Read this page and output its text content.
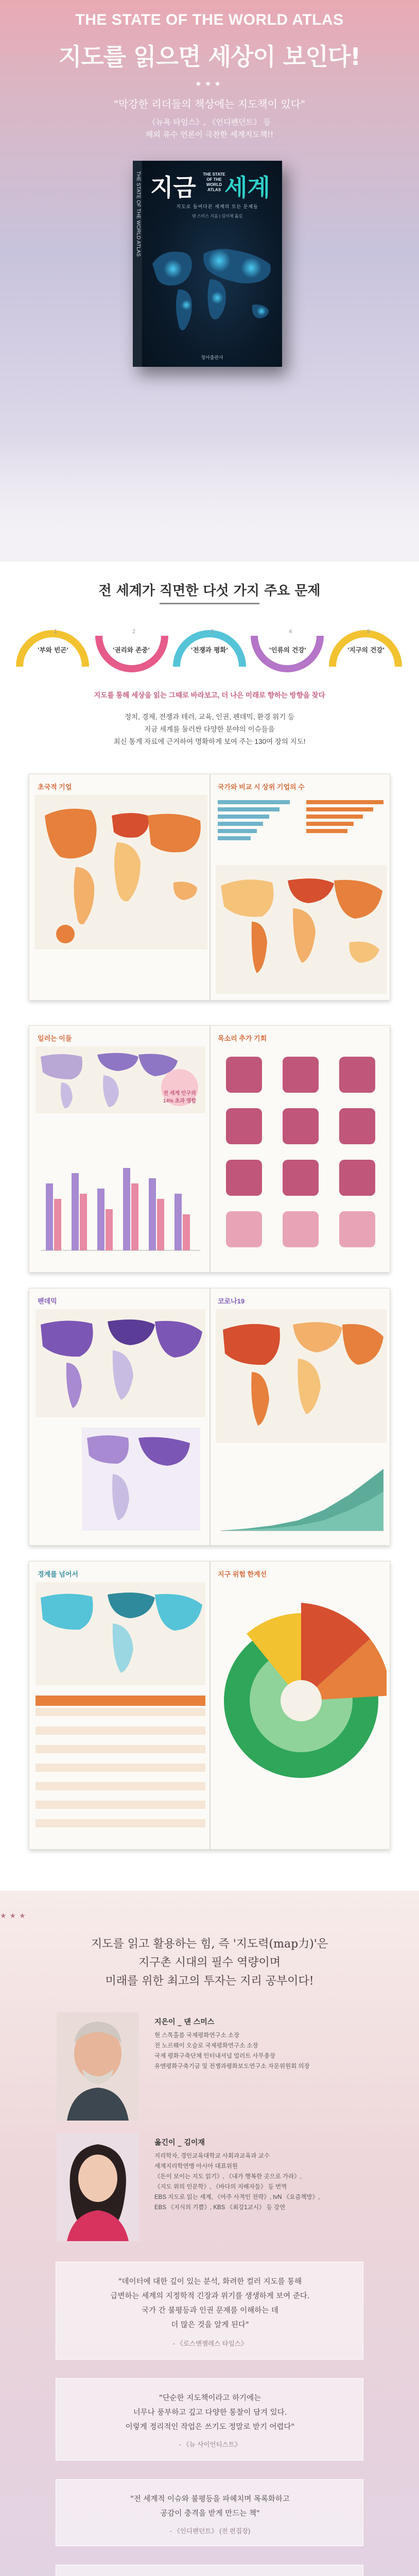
THE STATE OF THE WORLD ATLAS
지도를 읽으면 세상이 보인다!
★★★
"막강한 리더들의 책상에는 지도책이 있다"
《뉴욕 타임스》, 《인디펜던트》 등
해외 유수 언론이 극찬한 세계지도책!!
THE STATE OF THE WORLD ATLAS 지금 THE STATE OF THE WORLD ATLAS 세계
지도로 들여다본 세계의 모든 문제들
댄 스미스 지음 | 김이재 옮김
청아출판사
전 세계가 직면한 다섯 가지 주요 문제
1	2	3	4	5
'부와 빈곤'	'권리와 존중'	'전쟁과 평화'	'인류의 건강'	'지구의 건강'
지도를 통해 세상을 읽는 그때로 바라보고, 더 나은 미래로 향하는 방향을 찾다
정치, 경제, 전쟁과 테러, 교육, 인권, 펜데믹, 환경 위기 등
지금 세계를 둘러싼 다양한 분야의 이슈들을
최신 통계 자료에 근거하여 명확하게 보여 주는 130여 장의 지도!
초국적 기업	국가와 비교 시 상위 기업의 수
일러는 이들	목소리 추가 기회
전 세계 인구의 14% 초과 영합
팬데믹	코로나19
경계를 넘어서	지구 위험 한계선
★★★
지도를 읽고 활용하는 힘, 즉 '지도력(map力)'은
지구촌 시대의 필수 역량이며
미래를 위한 최고의 투자는 지리 공부이다!
지은이 _ 댄 스미스
현 스톡홀름 국제평화연구소 소장
전 노르웨이 오슬로 국제평화연구소 소장
국제 평화구축단체 인터내셔널 얼러트 사무총장
유엔평화구축기금 및 전쟁과평화보도연구소 자문위원회 의장
옮긴이 _ 김이재
지리학자, 경인교육대학교 사회과교육과 교수
세계지리학연맹 아시아 대표위원
《돈이 보이는 지도 읽기》, 《내가 행복한 곳으로 가라》,
《지도 위의 인문학》, 《바다의 지배자들》 등 번역
EBS 지도로 읽는 세계, 《아주 사적인 전략》, tvN 《요즘책방》,
EBS 《지식의 기쁨》, KBS 《최강1교시》 등 강연
"데이터에 대한 깊이 있는 분석, 화려한 컬러 지도를 통해
급변하는 세계의 지정학적 긴장과 위기를 생생하게 보여 준다.
국가 간 불평등과 인권 문제를 이해하는 데
더 많은 것을 알게 된다"
- 《로스앤젤레스 타임스》
"단순한 지도책이라고 하기에는
너무나 풍부하고 깊고 다양한 통찰이 담겨 있다.
이렇게 정리적인 작업은 쓰기도 정말로 받기 어렵다"
- 《뉴 사이언티스트》
"전 세계적 이슈와 불평등을 파헤치며 목록화하고
공감이 충격을 받게 만드는 책"
- 《인디펜던트》 (전 편집장)
